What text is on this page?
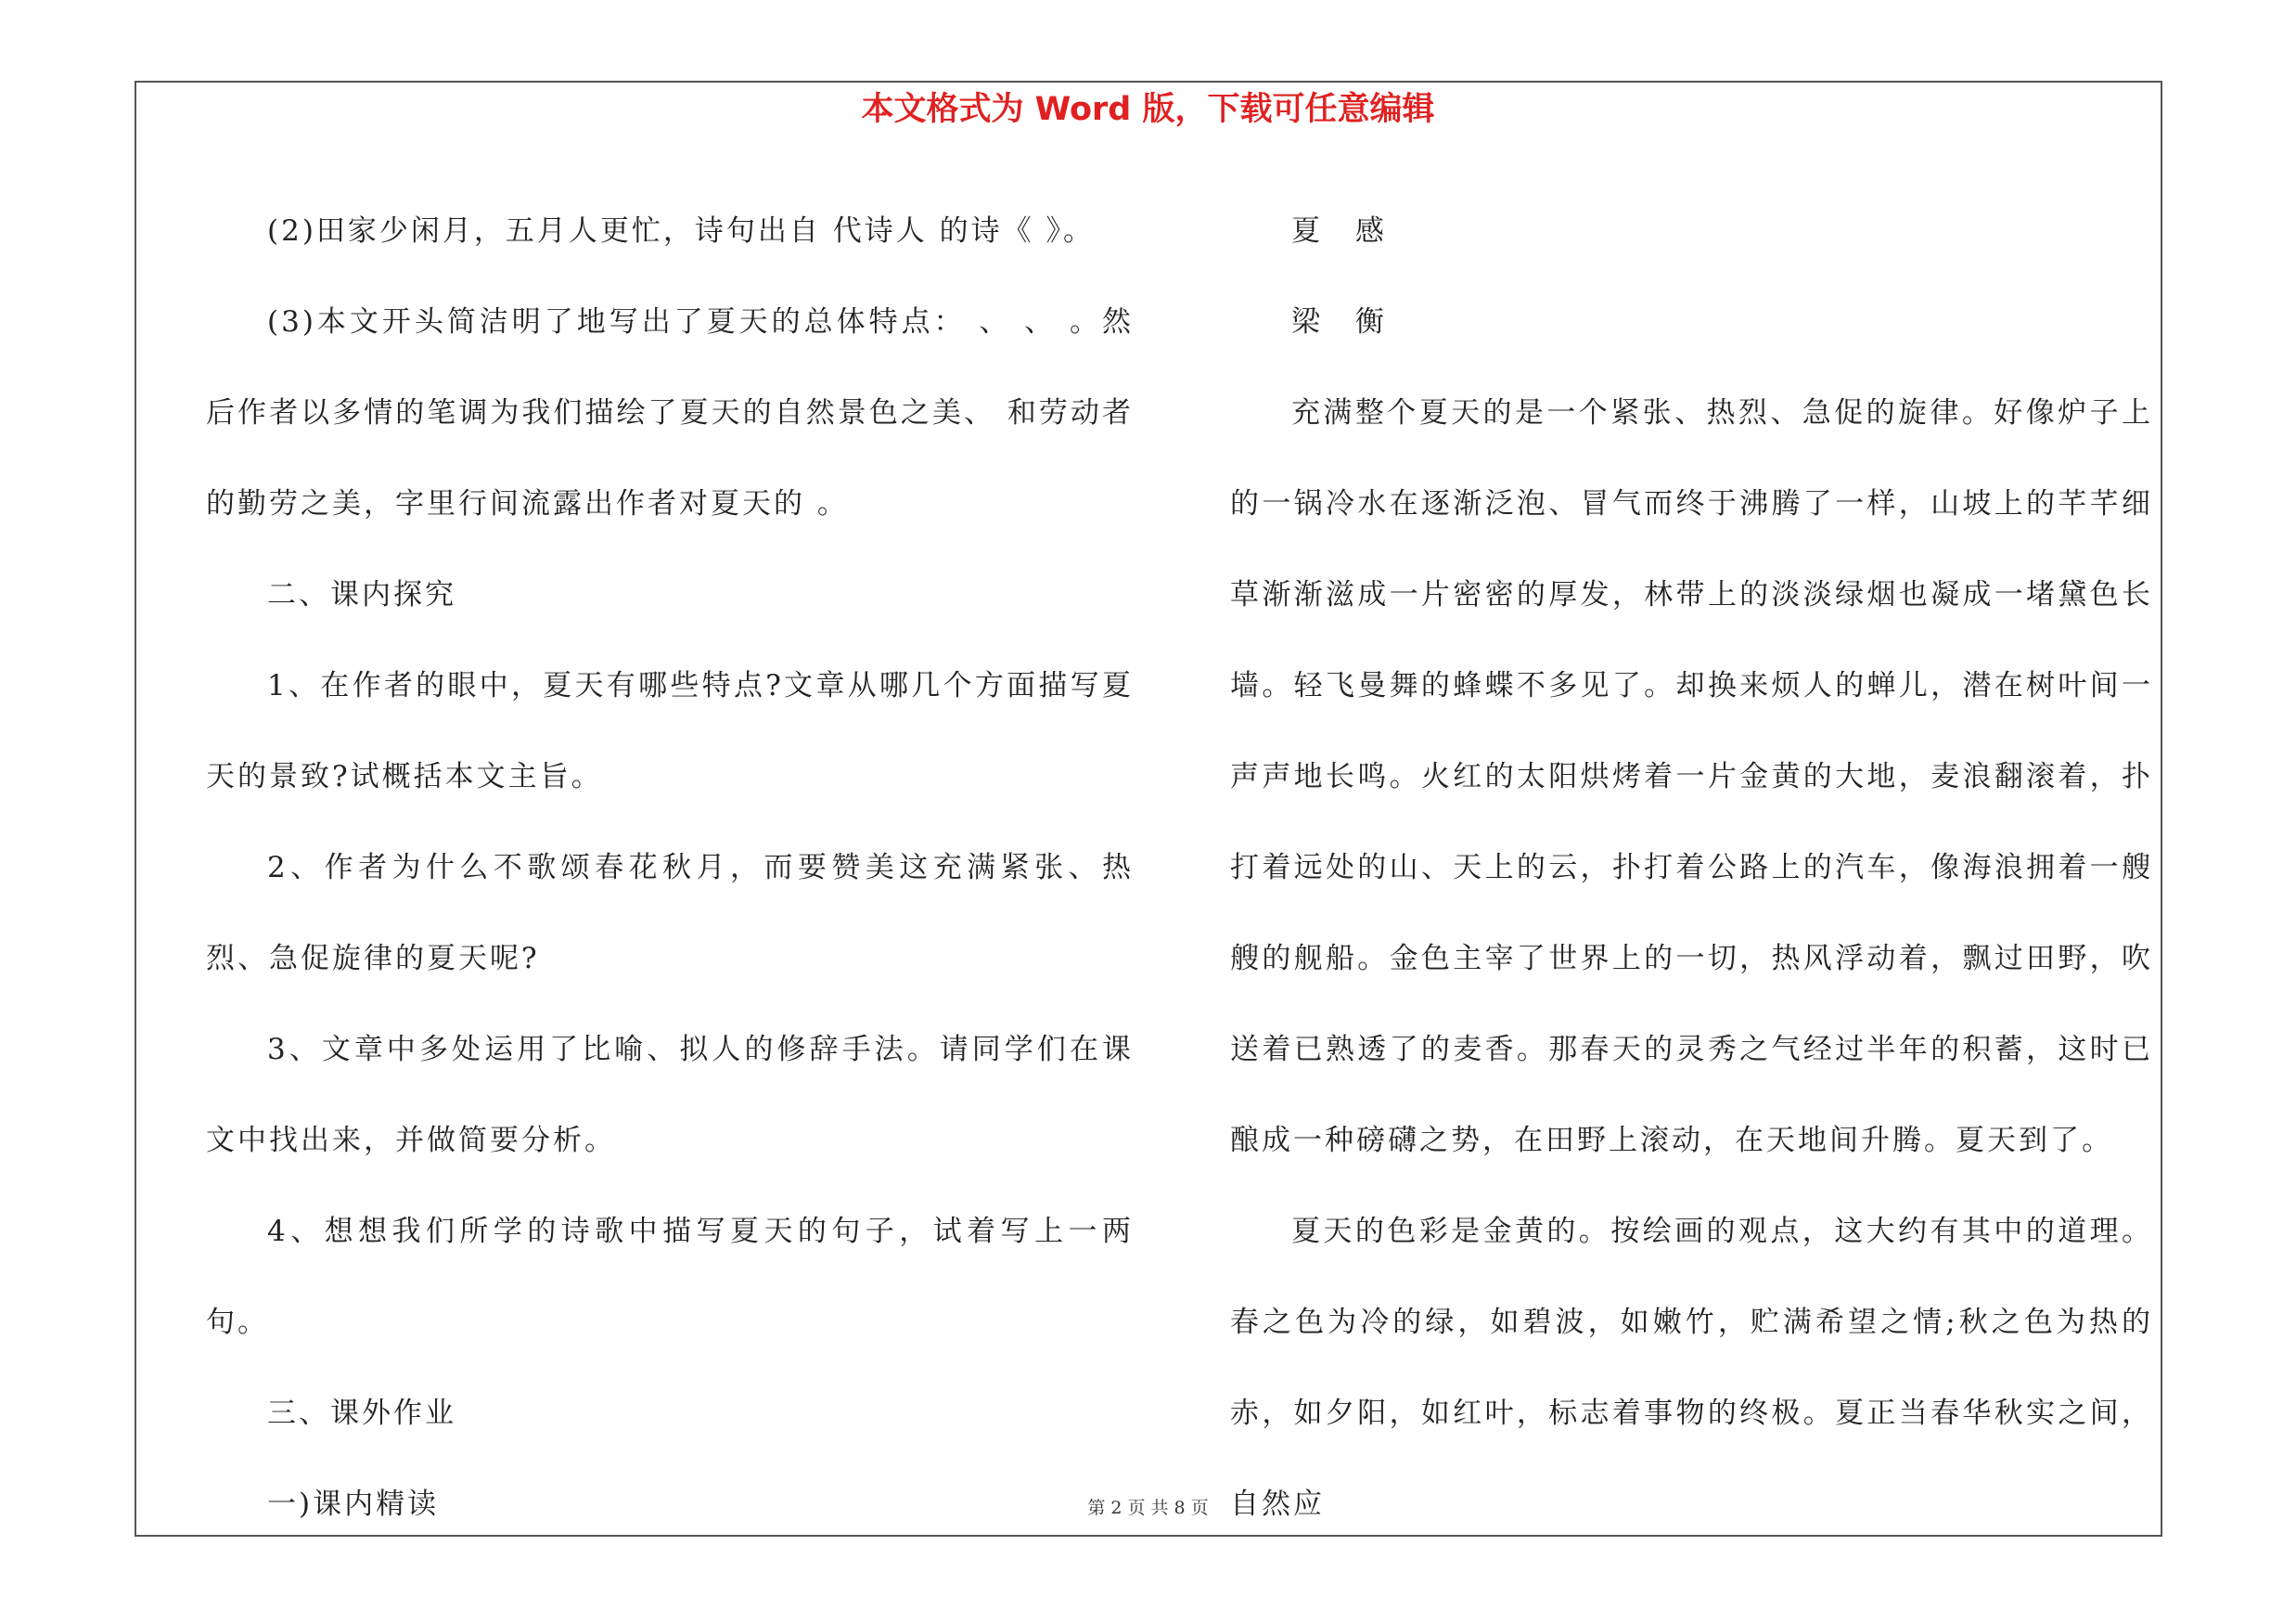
本文格式为 Word 版，下载可任意编辑

(2)田家少闲月，五月人更忙，诗句出自 代诗人 的诗《 》。

(3)本文开头简洁明了地写出了夏天的总体特点： 、 、 。然后作者以多情的笔调为我们描绘了夏天的自然景色之美、 和劳动者的勤劳之美，字里行间流露出作者对夏天的 。

二、课内探究

1、在作者的眼中，夏天有哪些特点?文章从哪几个方面描写夏天的景致?试概括本文主旨。

2、作者为什么不歌颂春花秋月，而要赞美这充满紧张、热烈、急促旋律的夏天呢?

3、文章中多处运用了比喻、拟人的修辞手法。请同学们在课文中找出来，并做简要分析。

4、想想我们所学的诗歌中描写夏天的句子，试着写上一两句。

三、课外作业

一)课内精读

夏 感

梁 衡

充满整个夏天的是一个紧张、热烈、急促的旋律。好像炉子上的一锅冷水在逐渐泛泡、冒气而终于沸腾了一样，山坡上的芊芊细草渐渐滋成一片密密的厚发，林带上的淡淡绿烟也凝成一堵黛色长墙。轻飞曼舞的蜂蝶不多见了。却换来烦人的蝉儿，潜在树叶间一声声地长鸣。火红的太阳烘烤着一片金黄的大地，麦浪翻滚着，扑打着远处的山、天上的云，扑打着公路上的汽车，像海浪拥着一艘艘的舰船。金色主宰了世界上的一切，热风浮动着，飘过田野，吹送着已熟透了的麦香。那春天的灵秀之气经过半年的积蓄，这时已酿成一种磅礴之势，在田野上滚动，在天地间升腾。夏天到了。

夏天的色彩是金黄的。按绘画的观点，这大约有其中的道理。春之色为冷的绿，如碧波，如嫩竹，贮满希望之情;秋之色为热的赤，如夕阳，如红叶，标志着事物的终极。夏正当春华秋实之间，自然应

第 2 页 共 8 页
